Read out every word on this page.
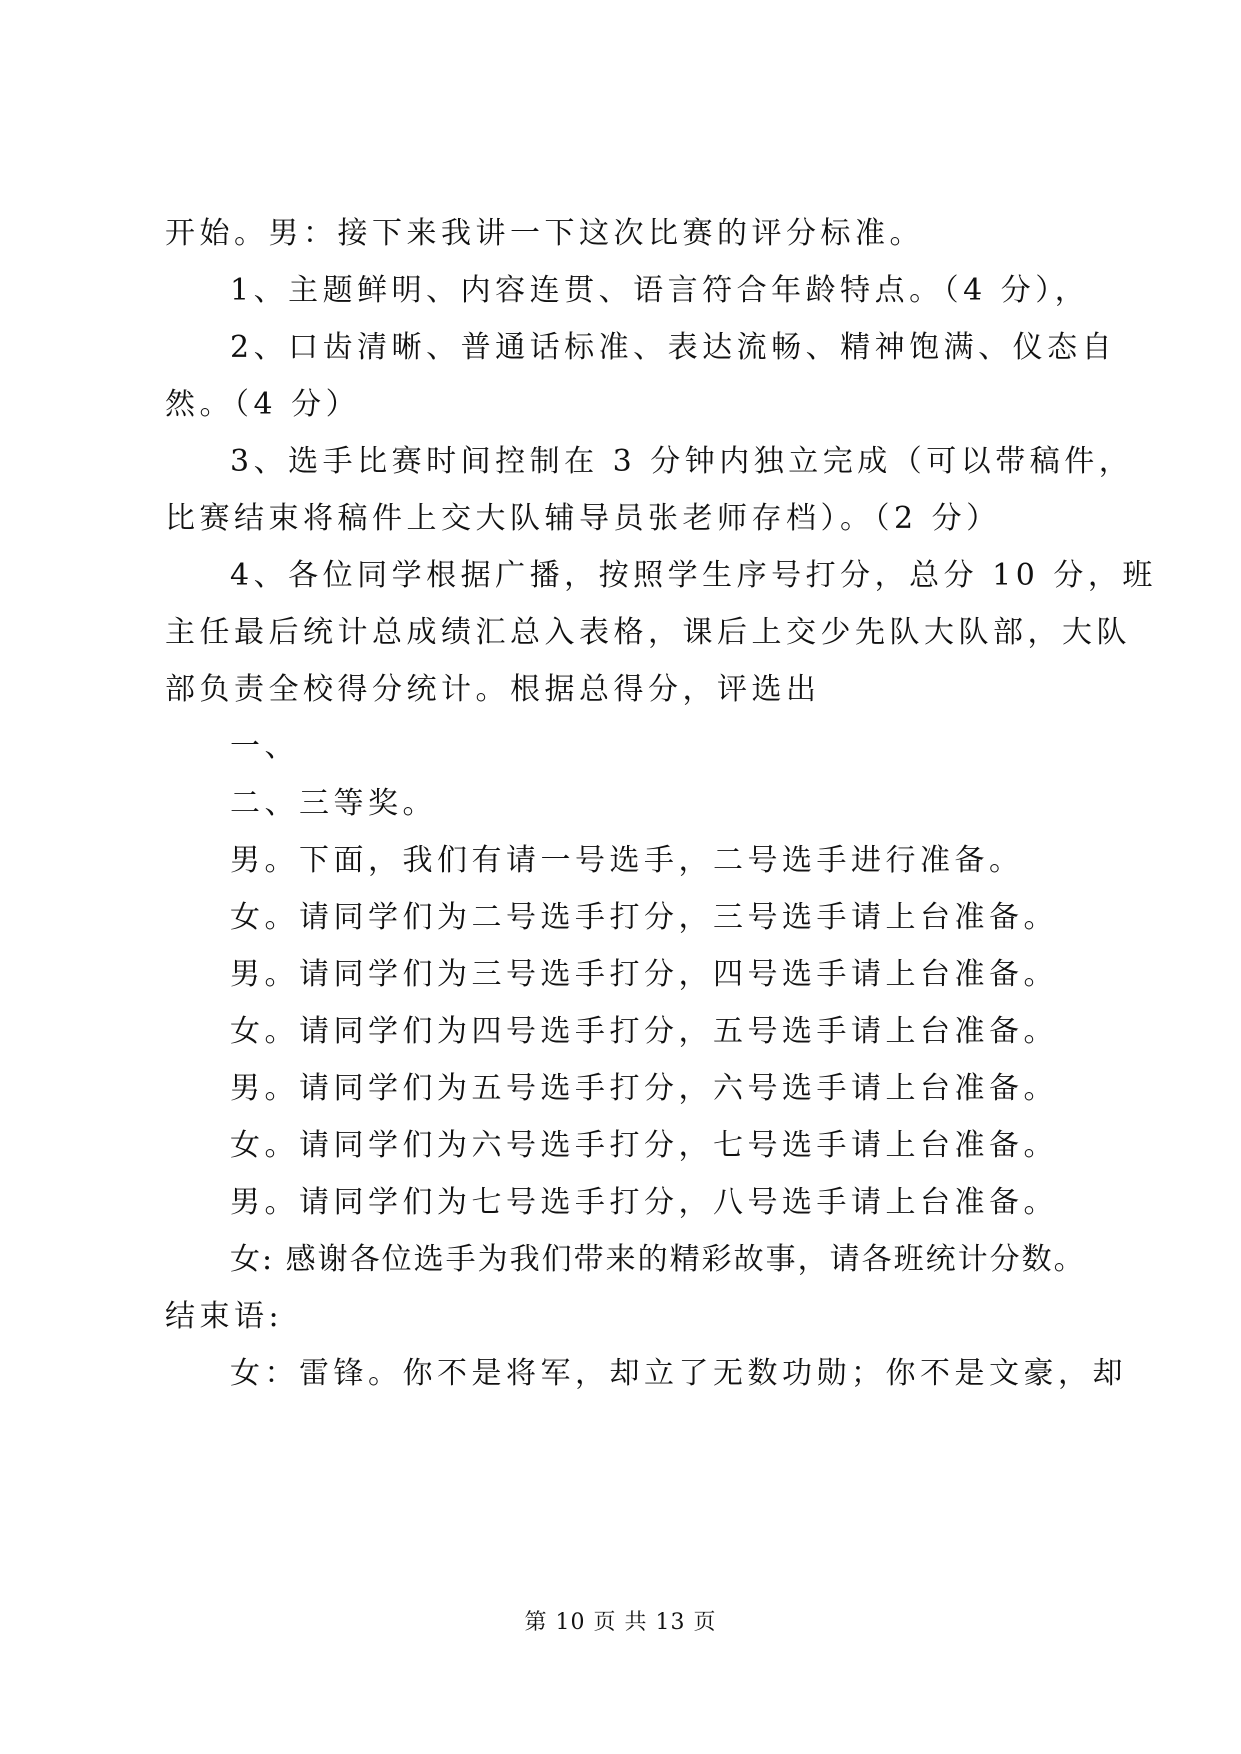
开始。男：接下来我讲一下这次比赛的评分标准。
1、主题鲜明、内容连贯、语言符合年龄特点。（4 分），
2、口齿清晰、普通话标准、表达流畅、精神饱满、仪态自
然。（4 分）
3、选手比赛时间控制在 3 分钟内独立完成（可以带稿件，
比赛结束将稿件上交大队辅导员张老师存档）。（2 分）
4、各位同学根据广播，按照学生序号打分，总分 10 分，班
主任最后统计总成绩汇总入表格，课后上交少先队大队部，大队
部负责全校得分统计。根据总得分，评选出
一、
二、三等奖。
男。下面，我们有请一号选手，二号选手进行准备。
女。请同学们为二号选手打分，三号选手请上台准备。
男。请同学们为三号选手打分，四号选手请上台准备。
女。请同学们为四号选手打分，五号选手请上台准备。
男。请同学们为五号选手打分，六号选手请上台准备。
女。请同学们为六号选手打分，七号选手请上台准备。
男。请同学们为七号选手打分，八号选手请上台准备。
女: 感谢各位选手为我们带来的精彩故事，请各班统计分数。
结束语:
女：雷锋。你不是将军，却立了无数功勋；你不是文豪，却
第 10 页 共 13 页
